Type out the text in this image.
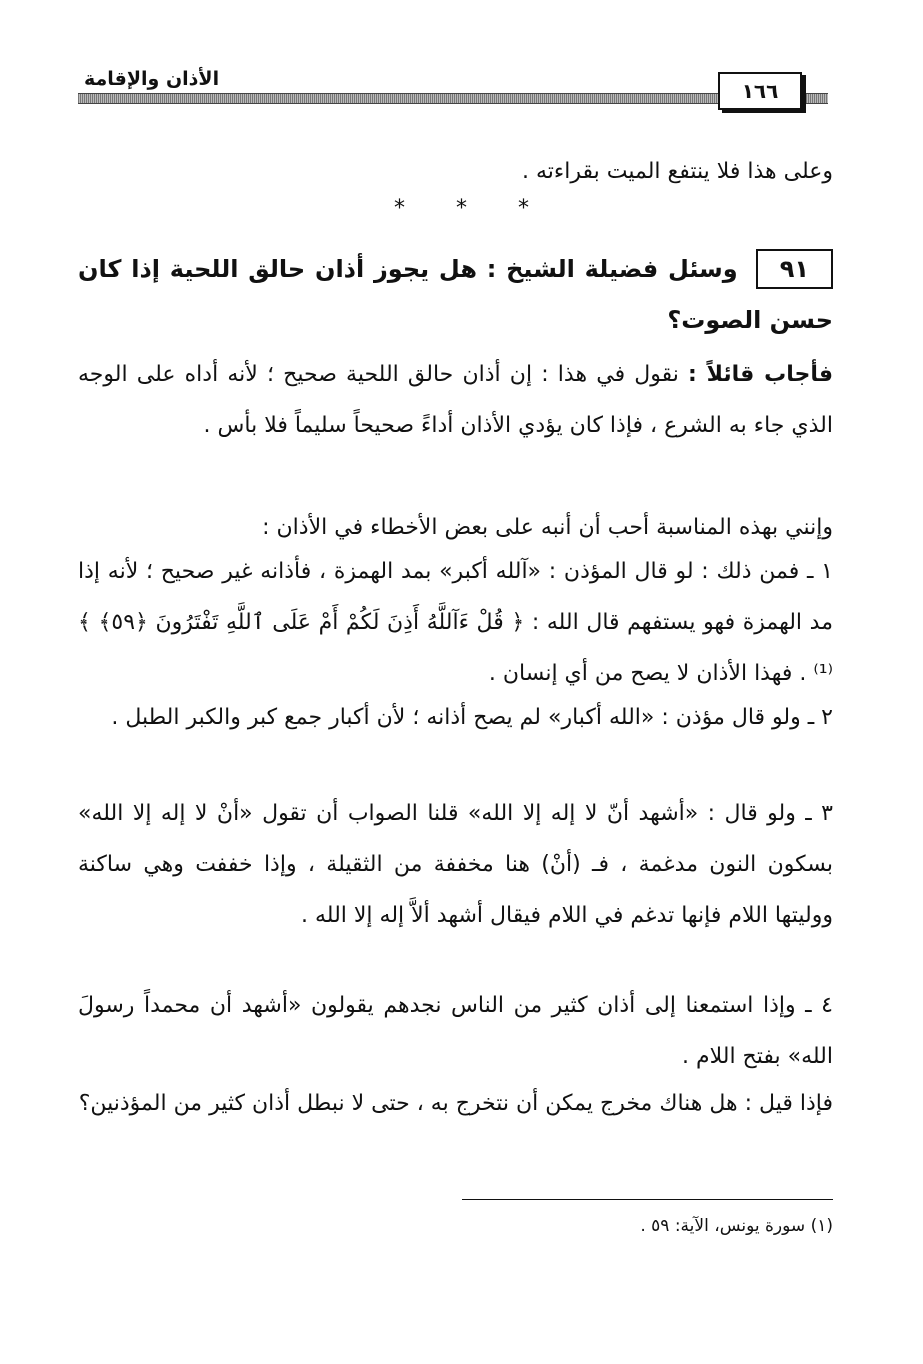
الأذان والإقامة	١٦٦

وعلى هذا فلا ينتفع الميت بقراءته .

* * *

٩١وسئل فضيلة الشيخ : هل يجوز أذان حالق اللحية إذا كان حسن الصوت؟

فأجاب قائلاً : نقول في هذا : إن أذان حالق اللحية صحيح ؛ لأنه أداه على الوجه الذي جاء به الشرع ، فإذا كان يؤدي الأذان أداءً صحيحاً سليماً فلا بأس .

وإنني بهذه المناسبة أحب أن أنبه على بعض الأخطاء في الأذان :

١ ـ فمن ذلك : لو قال المؤذن : «آلله أكبر» بمد الهمزة ، فأذانه غير صحيح ؛ لأنه إذا مد الهمزة فهو يستفهم قال الله : ﴿ قُلْ ءَآللَّهُ أَذِنَ لَكُمْ أَمْ عَلَى ٱللَّهِ تَفْتَرُونَ ﴿٥٩﴾ ﴾⁽¹⁾ . فهذا الأذان لا يصح من أي إنسان .

٢ ـ ولو قال مؤذن : «الله أكبار» لم يصح أذانه ؛ لأن أكبار جمع كبر والكبر الطبل .

٣ ـ ولو قال : «أشهد أنّ لا إله إلا الله» قلنا الصواب أن تقول «أنْ لا إله إلا الله» بسكون النون مدغمة ، فـ (أنْ) هنا مخففة من الثقيلة ، وإذا خففت وهي ساكنة ووليتها اللام فإنها تدغم في اللام فيقال أشهد ألاَّ إله إلا الله .

٤ ـ وإذا استمعنا إلى أذان كثير من الناس نجدهم يقولون «أشهد أن محمداً رسولَ الله» بفتح اللام .

فإذا قيل : هل هناك مخرج يمكن أن نتخرج به ، حتى لا نبطل أذان كثير من المؤذنين؟

(١) سورة يونس، الآية: ٥٩ .
